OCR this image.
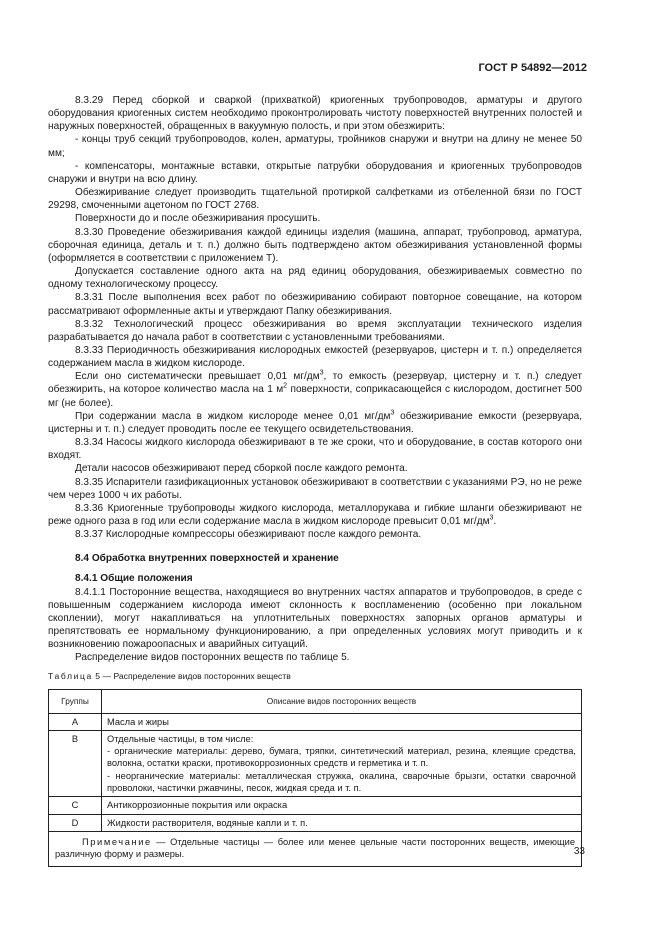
ГОСТ Р 54892—2012

8.3.29 Перед сборкой и сваркой (прихваткой) криогенных трубопроводов, арматуры и другого оборудования криогенных систем необходимо проконтролировать чистоту поверхностей внутренних полостей и наружных поверхностей, обращенных в вакуумную полость, и при этом обезжирить:

- концы труб секций трубопроводов, колен, арматуры, тройников снаружи и внутри на длину не менее 50 мм;

- компенсаторы, монтажные вставки, открытые патрубки оборудования и криогенных трубопроводов снаружи и внутри на всю длину.

Обезжиривание следует производить тщательной протиркой салфетками из отбеленной бязи по ГОСТ 29298, смоченными ацетоном по ГОСТ 2768.

Поверхности до и после обезжиривания просушить.

8.3.30 Проведение обезжиривания каждой единицы изделия (машина, аппарат, трубопровод, арматура, сборочная единица, деталь и т. п.) должно быть подтверждено актом обезжиривания установленной формы (оформляется в соответствии с приложением Т).

Допускается составление одного акта на ряд единиц оборудования, обезжириваемых совместно по одному технологическому процессу.

8.3.31 После выполнения всех работ по обезжириванию собирают повторное совещание, на котором рассматривают оформленные акты и утверждают Папку обезжиривания.

8.3.32 Технологический процесс обезжиривания во время эксплуатации технического изделия разрабатывается до начала работ в соответствии с установленными требованиями.

8.3.33 Периодичность обезжиривания кислородных емкостей (резервуаров, цистерн и т. п.) определяется содержанием масла в жидком кислороде.

Если оно систематически превышает 0,01 $мг/дм^3$, то емкость (резервуар, цистерну и т. п.) следует обезжирить, на которое количество масла на 1 $м^2$ поверхности, соприкасающейся с кислородом, достигнет 500 мг (не более).

При содержании масла в жидком кислороде менее 0,01 $мг/дм^3$ обезжиривание емкости (резервуара, цистерны и т. п.) следует проводить после ее текущего освидетельствования.

8.3.34 Насосы жидкого кислорода обезжиривают в те же сроки, что и оборудование, в состав которого они входят.

Детали насосов обезжиривают перед сборкой после каждого ремонта.

8.3.35 Испарители газификационных установок обезжиривают в соответствии с указаниями РЭ, но не реже чем через 1000 ч их работы.

8.3.36 Криогенные трубопроводы жидкого кислорода, металлорукава и гибкие шланги обезжиривают не реже одного раза в год или если содержание масла в жидком кислороде превысит 0,01 $мг/дм^3$.

8.3.37 Кислородные компрессоры обезжиривают после каждого ремонта.

8.4 Обработка внутренних поверхностей и хранение

8.4.1 Общие положения

8.4.1.1 Посторонние вещества, находящиеся во внутренних частях аппаратов и трубопроводов, в среде с повышенным содержанием кислорода имеют склонность к воспламенению (особенно при локальном скоплении), могут накапливаться на уплотнительных поверхностях запорных органов арматуры и препятствовать ее нормальному функционированию, а при определенных условиях могут приводить и к возникновению пожароопасных и аварийных ситуаций.

Распределение видов посторонних веществ по таблице 5.

Таблица 5 — Распределение видов посторонних веществ

Группы	Описание видов посторонних веществ
А	Масла и жиры

В	Отдельные частицы, в том числе:
- органические материалы: дерево, бумага, тряпки, синтетический материал, резина, клеящие средства, волокна, остатки краски, противокоррозионных средств и герметика и т. п.
- неорганические материалы: металлическая стружка, окалина, сварочные брызги, остатки сварочной проволоки, частички ржавчины, песок, жидкая среда и т. п.

С	Антикоррозионные покрытия или окраска

D	Жидкости растворителя, водяные капли и т. п.

Примечание — Отдельные частицы — более или менее цельные части посторонних веществ, имеющие различную форму и размеры.		33
